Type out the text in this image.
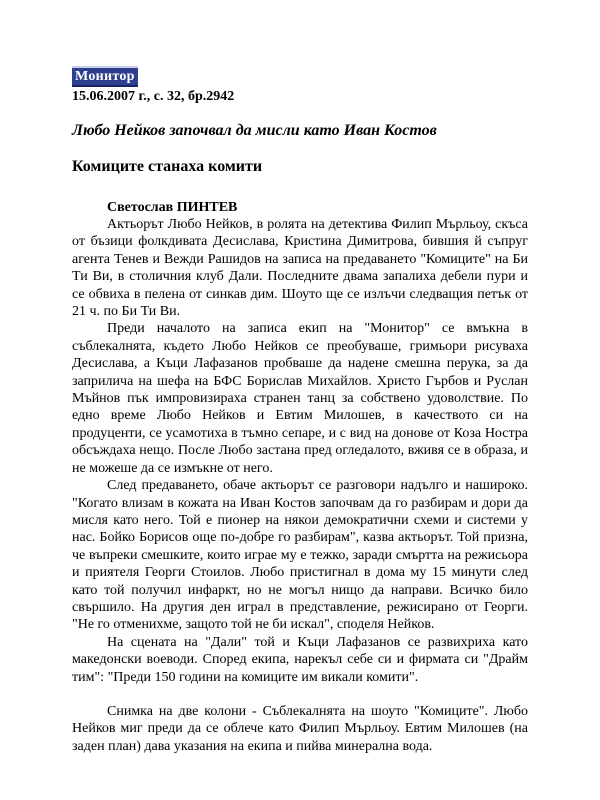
Монитор
15.06.2007 г., с. 32, бр.2942
Любо Нейков започвал да мисли като Иван Костов
Комиците станаха комити
Светослав ПИНТЕВ

Актьорът Любо Нейков, в ролята на детектива Филип Мърльоу, скъса от бъзици фолкдивата Десислава, Кристина Димитрова, бившия й съпруг агента Тенев и Вежди Рашидов на записа на предаването "Комиците" на Би Ти Ви, в столичния клуб Дали. Последните двама запалиха дебели пури и се обвиха в пелена от синкав дим. Шоуто ще се излъчи следващия петък от 21 ч. по Би Ти Ви.

Преди началото на записа екип на "Монитор" се вмъкна в съблекалнята, където Любо Нейков се преобуваше, гримьори рисуваха Десислава, а Къци Лафазанов пробваше да надене смешна перука, за да заприлича на шефа на БФС Борислав Михайлов. Христо Гърбов и Руслан Мъйнов пък импровизираха странен танц за собствено удоволствие. По едно време Любо Нейков и Евтим Милошев, в качеството си на продуценти, се усамотиха в тъмно сепаре, и с вид на донове от Коза Ностра обсъждаха нещо. После Любо застана пред огледалото, вживя се в образа, и не можеше да се измъкне от него.

След предаването, обаче актьорът се разговори надълго и нашироко. "Когато влизам в кожата на Иван Костов започвам да го разбирам и дори да мисля като него. Той е пионер на някои демократични схеми и системи у нас. Бойко Борисов още по-добре го разбирам", казва актьорът. Той призна, че въпреки смешките, които играе му е тежко, заради смъртта на режисьора и приятеля Георги Стоилов. Любо пристигнал в дома му 15 минути след като той получил инфаркт, но не могъл нищо да направи. Всичко било свършило. На другия ден играл в представление, режисирано от Георги. "Не го отменихме, защото той не би искал", споделя Нейков.

На сцената на "Дали" той и Къци Лафазанов се развихриха като македонски воеводи. Според екипа, нарекъл себе си и фирмата си "Драйм тим": "Преди 150 години на комиците им викали комити".

Снимка на две колони - Съблекалнята на шоуто "Комиците". Любо Нейков миг преди да се облече като Филип Мърльоу. Евтим Милошев (на заден план) дава указания на екипа и пийва минерална вода.
